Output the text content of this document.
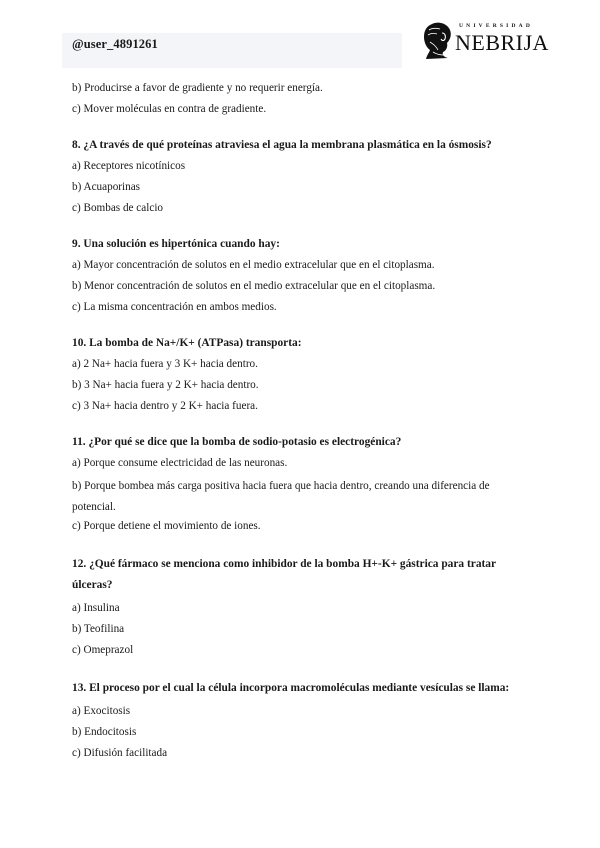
@user_4891261
UNIVERSIDAD
NEBRIJA
b) Producirse a favor de gradiente y no requerir energía.
c) Mover moléculas en contra de gradiente.
8. ¿A través de qué proteínas atraviesa el agua la membrana plasmática en la ósmosis?
a) Receptores nicotínicos
b) Acuaporinas
c) Bombas de calcio
9. Una solución es hipertónica cuando hay:
a) Mayor concentración de solutos en el medio extracelular que en el citoplasma.
b) Menor concentración de solutos en el medio extracelular que en el citoplasma.
c) La misma concentración en ambos medios.
10. La bomba de Na+/K+ (ATPasa) transporta:
a) 2 Na+ hacia fuera y 3 K+ hacia dentro.
b) 3 Na+ hacia fuera y 2 K+ hacia dentro.
c) 3 Na+ hacia dentro y 2 K+ hacia fuera.
11. ¿Por qué se dice que la bomba de sodio-potasio es electrogénica?
a) Porque consume electricidad de las neuronas.
b) Porque bombea más carga positiva hacia fuera que hacia dentro, creando una diferencia de potencial.
c) Porque detiene el movimiento de iones.
12. ¿Qué fármaco se menciona como inhibidor de la bomba H+-K+ gástrica para tratar úlceras?
a) Insulina
b) Teofilina
c) Omeprazol
13. El proceso por el cual la célula incorpora macromoléculas mediante vesículas se llama:
a) Exocitosis
b) Endocitosis
c) Difusión facilitada
